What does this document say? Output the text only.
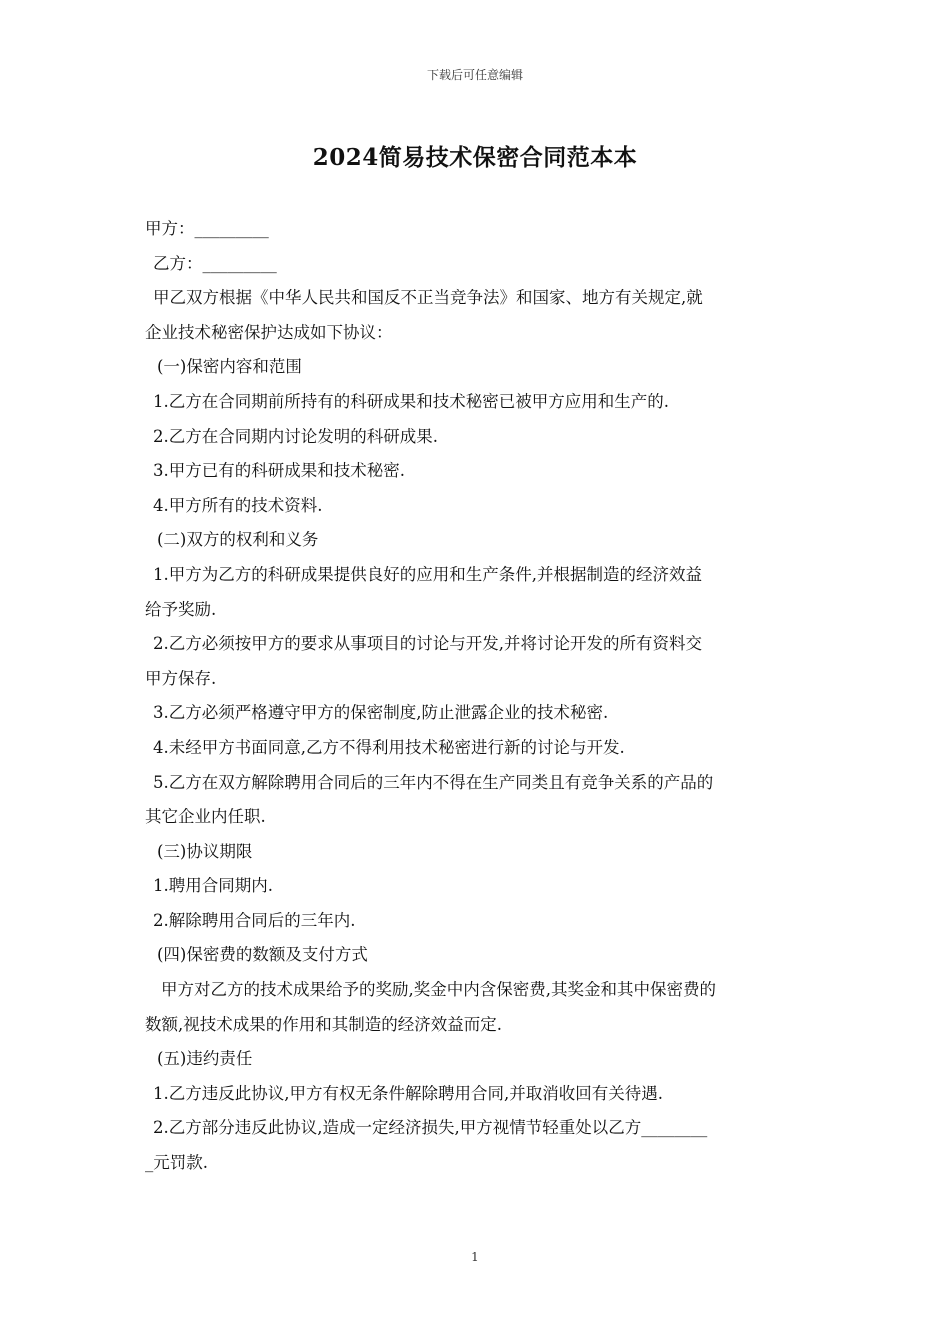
下载后可任意编辑
2024简易技术保密合同范本本
甲方：_________
乙方：_________
甲乙双方根据《中华人民共和国反不正当竞争法》和国家、地方有关规定,就
企业技术秘密保护达成如下协议：
(一)保密内容和范围
1.乙方在合同期前所持有的科研成果和技术秘密已被甲方应用和生产的.
2.乙方在合同期内讨论发明的科研成果.
3.甲方已有的科研成果和技术秘密.
4.甲方所有的技术资料.
(二)双方的权利和义务
1.甲方为乙方的科研成果提供良好的应用和生产条件,并根据制造的经济效益
给予奖励.
2.乙方必须按甲方的要求从事项目的讨论与开发,并将讨论开发的所有资料交
甲方保存.
3.乙方必须严格遵守甲方的保密制度,防止泄露企业的技术秘密.
4.未经甲方书面同意,乙方不得利用技术秘密进行新的讨论与开发.
5.乙方在双方解除聘用合同后的三年内不得在生产同类且有竞争关系的产品的
其它企业内任职.
(三)协议期限
1.聘用合同期内.
2.解除聘用合同后的三年内.
(四)保密费的数额及支付方式
甲方对乙方的技术成果给予的奖励,奖金中内含保密费,其奖金和其中保密费的
数额,视技术成果的作用和其制造的经济效益而定.
(五)违约责任
1.乙方违反此协议,甲方有权无条件解除聘用合同,并取消收回有关待遇.
2.乙方部分违反此协议,造成一定经济损失,甲方视情节轻重处以乙方________
_元罚款.
1
